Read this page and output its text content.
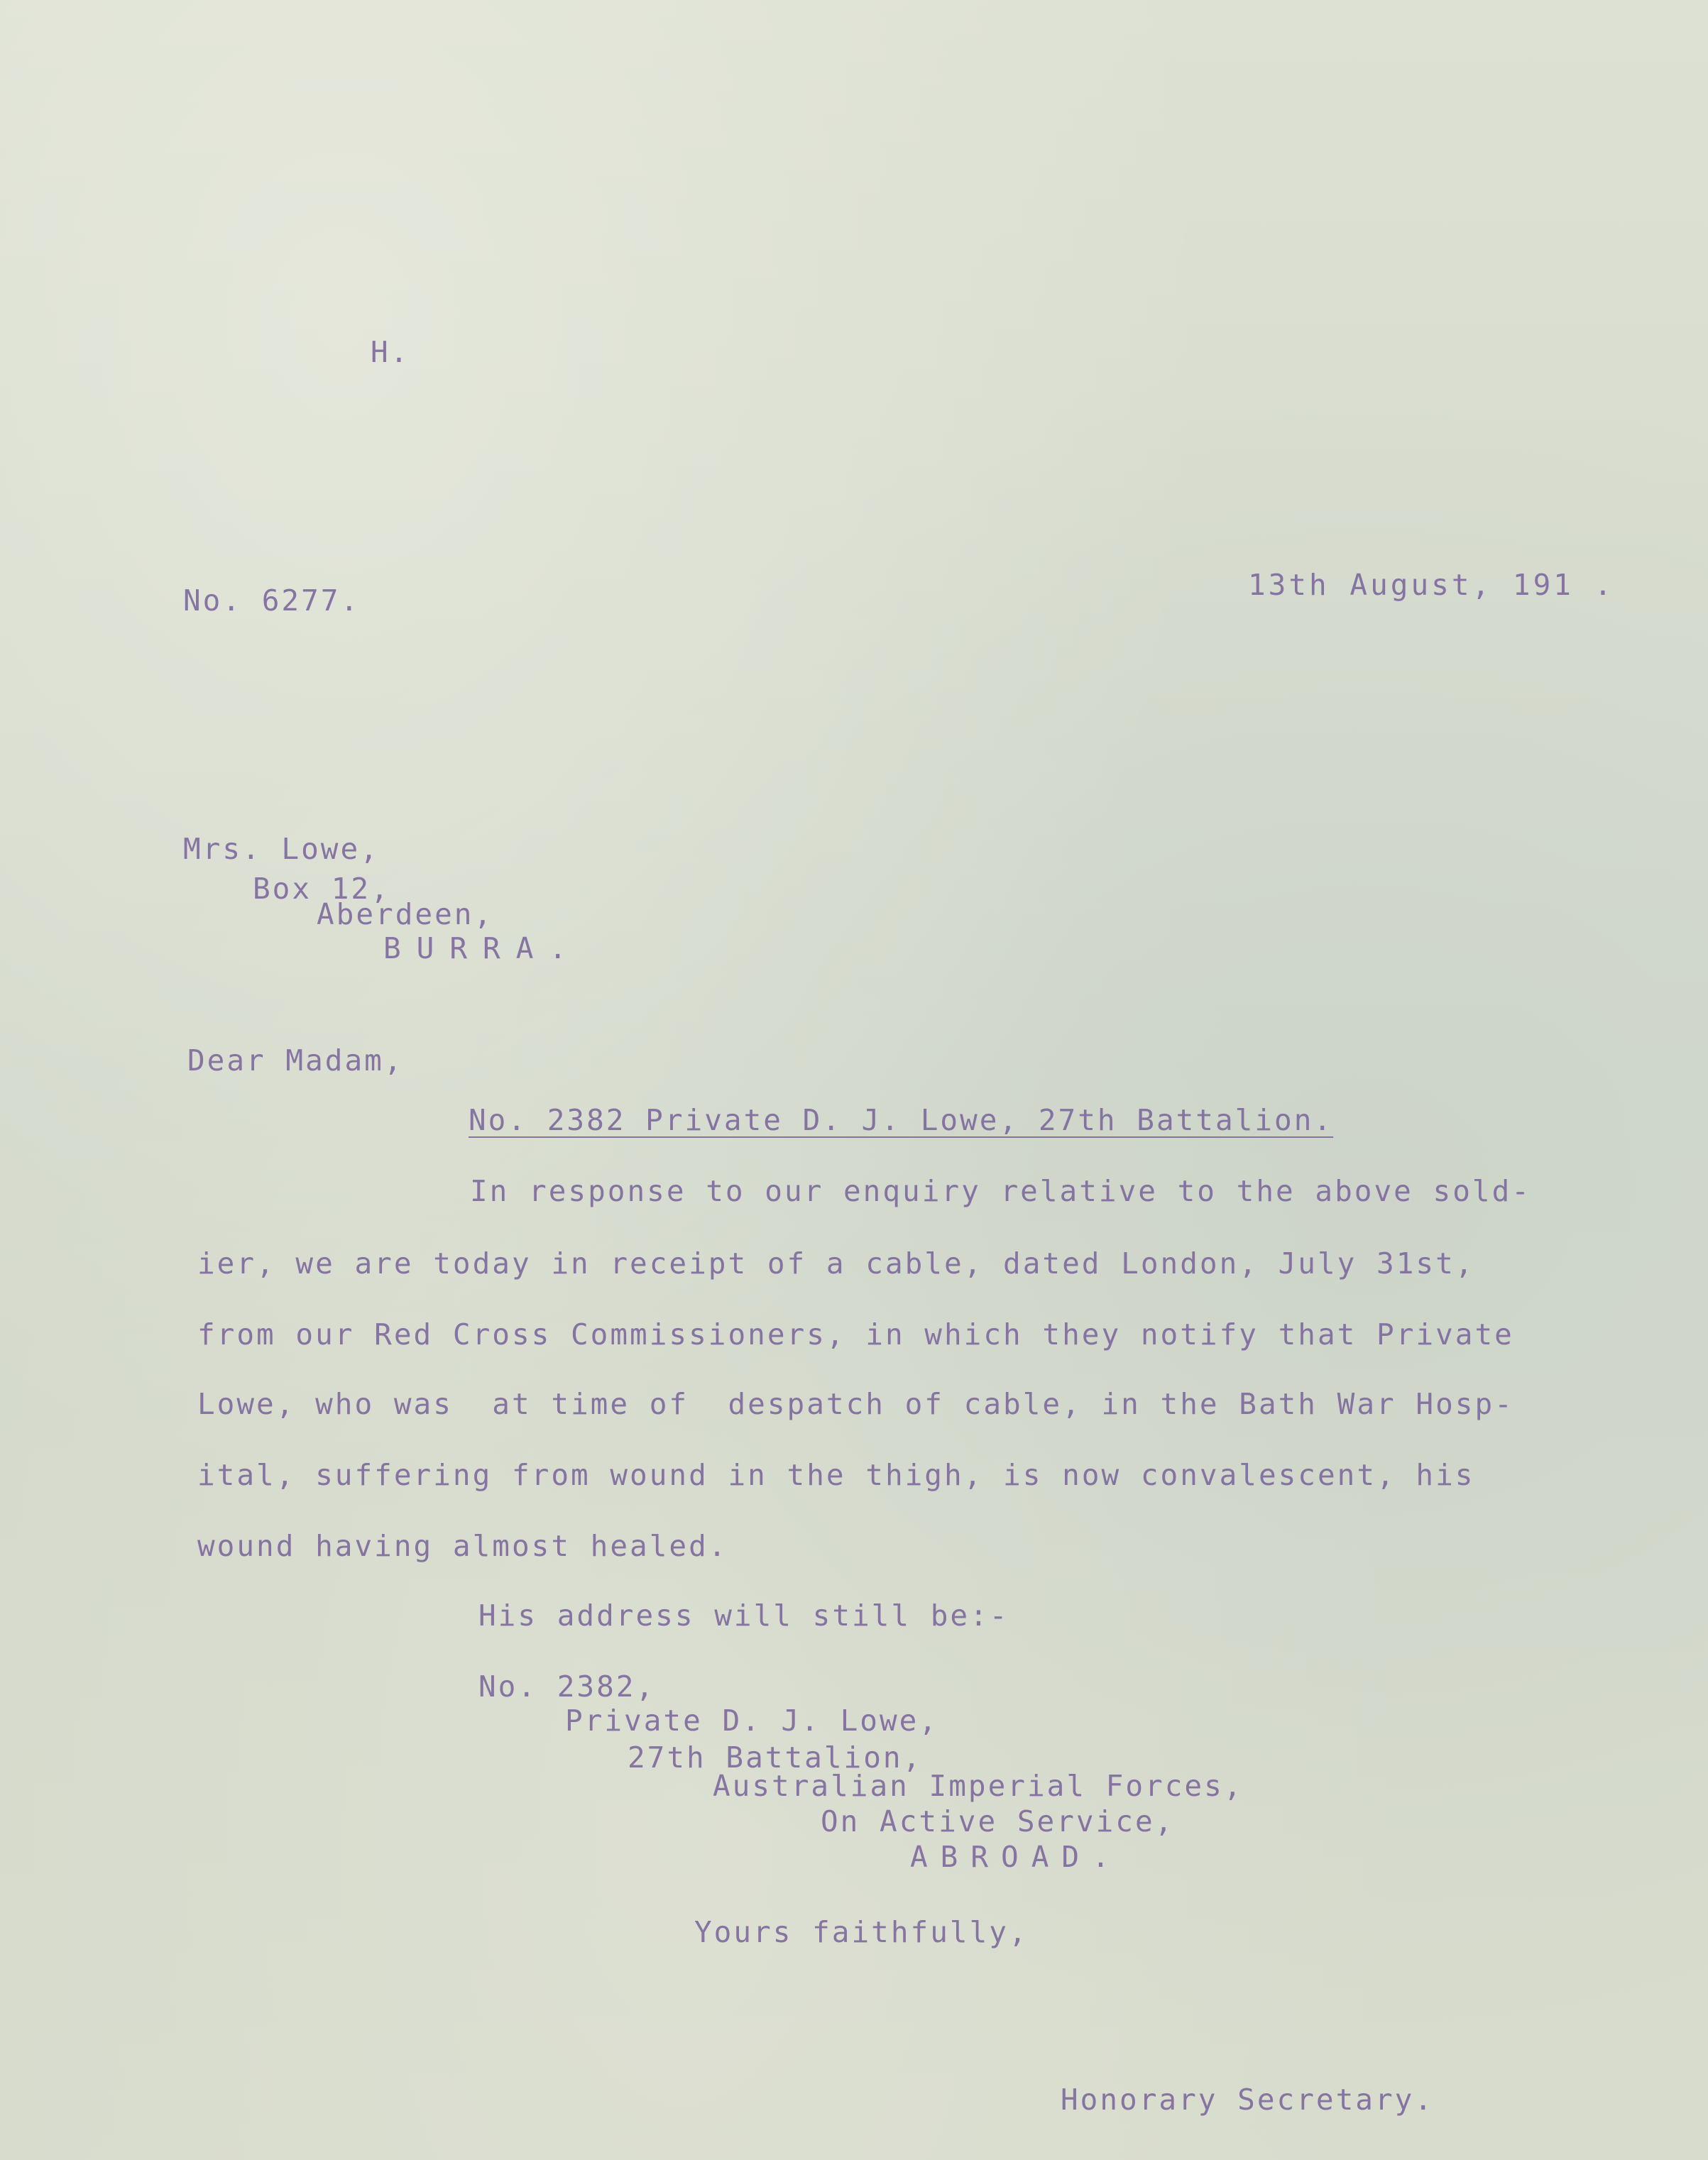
H.
No. 6277.	13th August, 191 .
Mrs. Lowe,
Box 12,
Aberdeen,
BURRA.
Dear Madam,
No. 2382 Private D. J. Lowe, 27th Battalion.
In response to our enquiry relative to the above sold-
ier, we are today in receipt of a cable, dated London, July 31st,
from our Red Cross Commissioners, in which they notify that Private
Lowe, who was  at time of  despatch of cable, in the Bath War Hosp-
ital, suffering from wound in the thigh, is now convalescent, his
wound having almost healed.
His address will still be:-
No. 2382,
Private D. J. Lowe,
27th Battalion,
Australian Imperial Forces,
On Active Service,
ABROAD.
Yours faithfully,
Honorary Secretary.
